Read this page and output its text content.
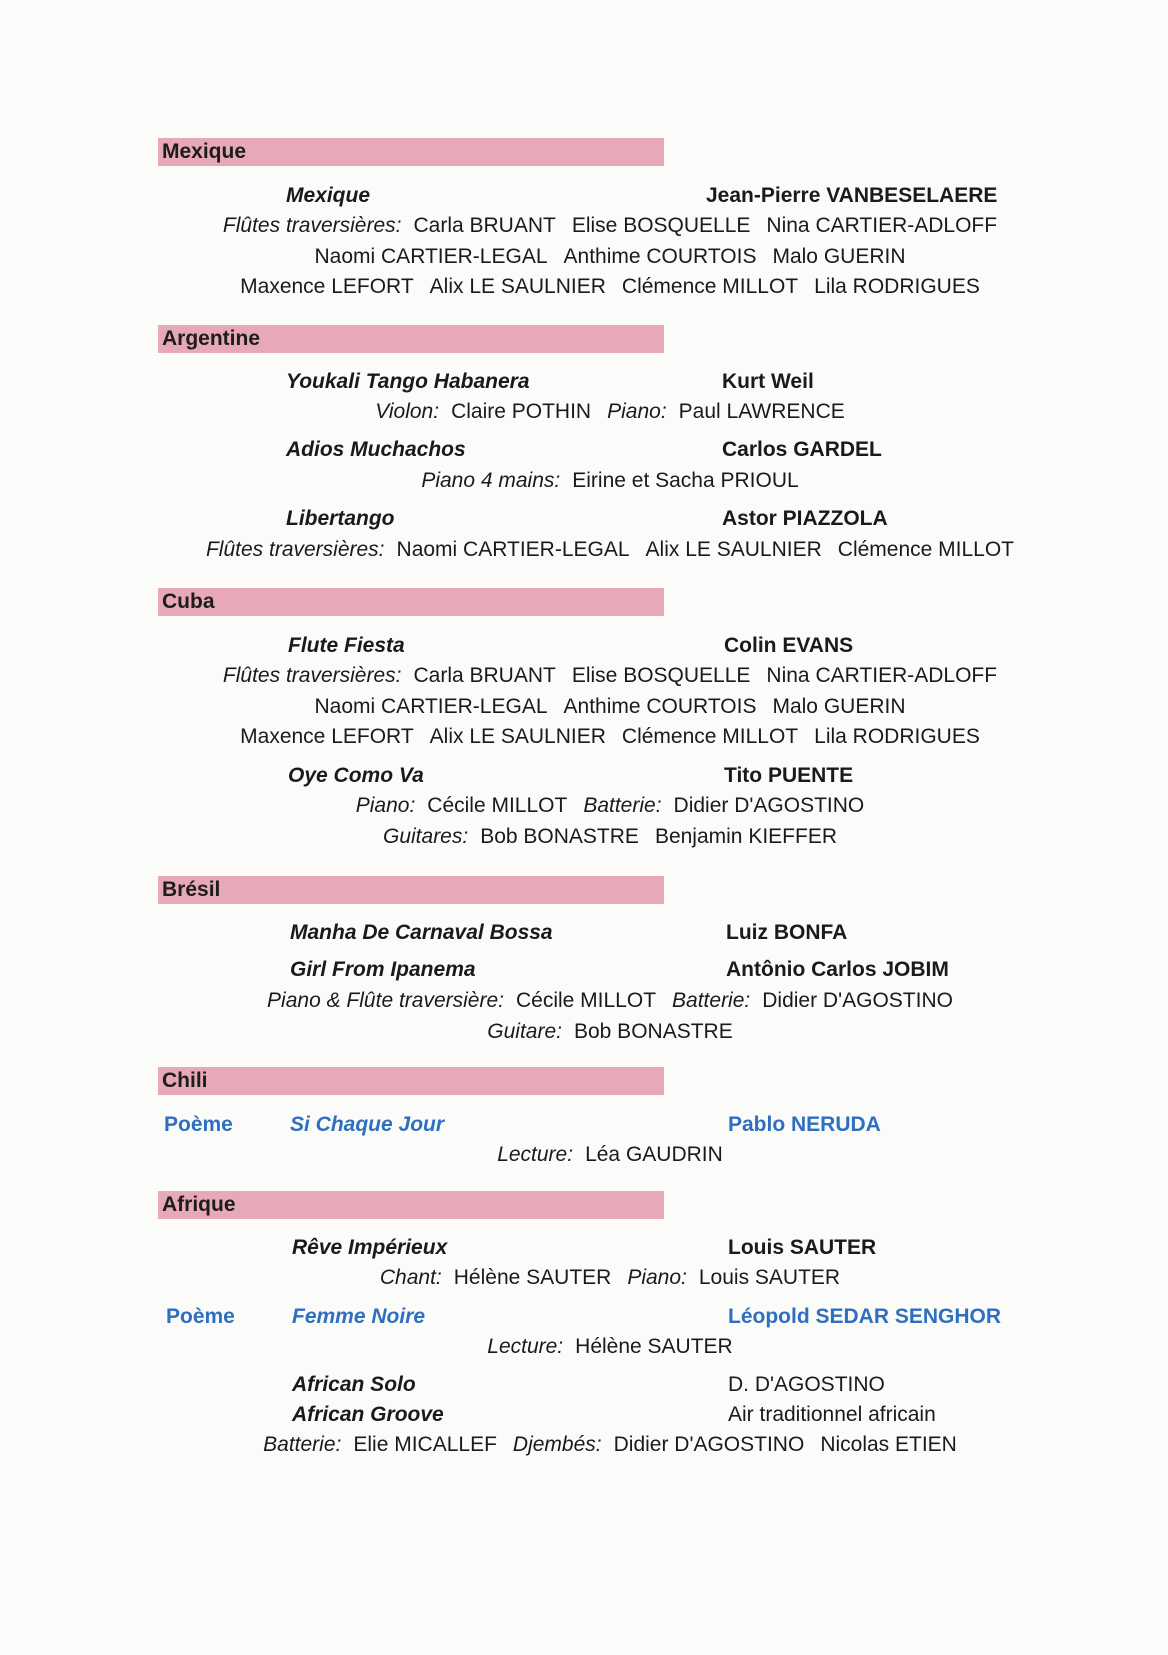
Mexique
Mexique	Jean-Pierre VANBESELAERE
Flûtes traversières: Carla BRUANT Elise BOSQUELLE Nina CARTIER-ADLOFF
Naomi CARTIER-LEGAL Anthime COURTOIS Malo GUERIN
Maxence LEFORT Alix LE SAULNIER Clémence MILLOT Lila RODRIGUES
Argentine
Youkali Tango Habanera	Kurt Weil
Violon: Claire POTHIN Piano: Paul LAWRENCE
Adios Muchachos	Carlos GARDEL
Piano 4 mains: Eirine et Sacha PRIOUL
Libertango	Astor PIAZZOLA
Flûtes traversières: Naomi CARTIER-LEGAL Alix LE SAULNIER Clémence MILLOT
Cuba
Flute Fiesta	Colin EVANS
Flûtes traversières: Carla BRUANT Elise BOSQUELLE Nina CARTIER-ADLOFF
Naomi CARTIER-LEGAL Anthime COURTOIS Malo GUERIN
Maxence LEFORT Alix LE SAULNIER Clémence MILLOT Lila RODRIGUES
Oye Como Va	Tito PUENTE
Piano: Cécile MILLOT Batterie: Didier D'AGOSTINO
Guitares: Bob BONASTRE Benjamin KIEFFER
Brésil
Manha De Carnaval Bossa	Luiz BONFA
Girl From Ipanema	Antônio Carlos JOBIM
Piano & Flûte traversière: Cécile MILLOT Batterie: Didier D'AGOSTINO
Guitare: Bob BONASTRE
Chili
Poème	Si Chaque Jour	Pablo NERUDA
Lecture: Léa GAUDRIN
Afrique
Rêve Impérieux	Louis SAUTER
Chant: Hélène SAUTER Piano: Louis SAUTER
Poème	Femme Noire	Léopold SEDAR SENGHOR
Lecture: Hélène SAUTER
African Solo	D. D'AGOSTINO
African Groove	Air traditionnel africain
Batterie: Elie MICALLEF Djembés: Didier D'AGOSTINO Nicolas ETIEN
